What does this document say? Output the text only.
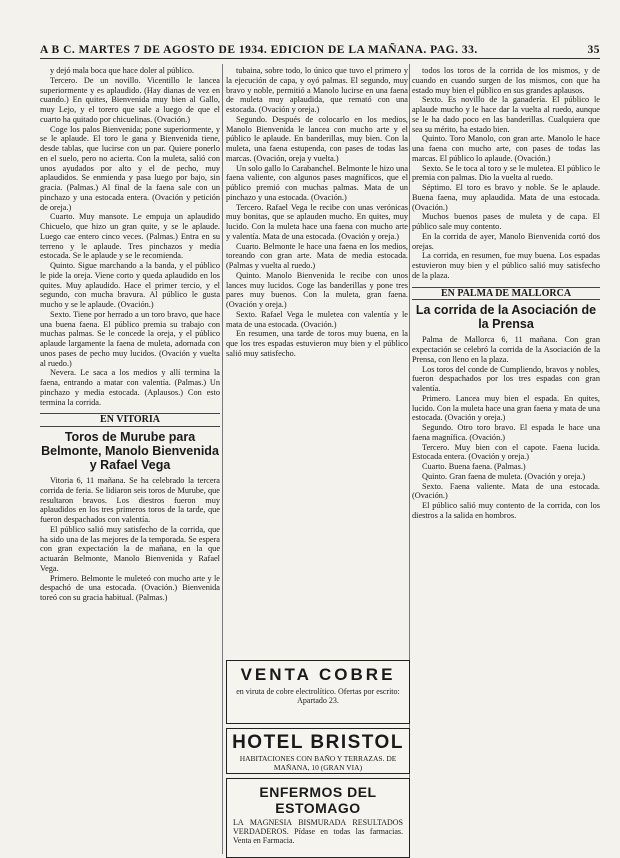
A B C. MARTES 7 DE AGOSTO DE 1934. EDICION DE LA MAÑANA. PAG. 33.	35

y dejó mala boca que hace doler al público.

Tercero. De un novillo. Vicentillo le lancea superiormente y es aplaudido. (Hay dianas de vez en cuando.) En quites, Bienvenida muy bien al Gallo, muy Lejo, y el torero que sale a luego de que el cuarto ha quitado por chicuelinas. (Ovación.)

Coge los palos Bienvenida; pone superiormente, y se le aplaude. El toro le gana y Bienvenida tiene, desde tablas, que lucirse con un par. Quiere ponerlo en el suelo, pero no acierta. Con la muleta, salió con unos ayudados por alto y el de pecho, muy aplaudidos. Se enmienda y pasa luego por bajo, sin gracia. (Palmas.) Al final de la faena sale con un pinchazo y una estocada entera. (Ovación y petición de oreja.)

Cuarto. Muy mansote. Le empuja un aplaudido Chicuelo, que hizo un gran quite, y se le aplaude. Luego cae entero cinco veces. (Palmas.) Entra en su terreno y le aplaude. Tres pinchazos y media estocada. Se le aplaude y se le recomienda.

Quinto. Sigue marchando a la banda, y el público le pide la oreja. Viene corto y queda aplaudido en los quites. Muy aplaudido. Hace el primer tercio, y el segundo, con mucha bravura. Al público le gusta mucho y se le aplaude. (Ovación.)

Sexto. Tiene por herrado a un toro bravo, que hace una buena faena. El público premia su trabajo con muchas palmas. Se le concede la oreja, y el público aplaude largamente la faena de muleta, adornada con unos pases de pecho muy lucidos. (Ovación y vuelta al ruedo.)

Nevera. Le saca a los medios y allí termina la faena, entrando a matar con valentía. (Palmas.) Un pinchazo y media estocada. (Aplausos.) Con esto termina la corrida.

EN VITORIA
Toros de Murube para Belmonte, Manolo Bienvenida y Rafael Vega

Vitoria 6, 11 mañana. Se ha celebrado la tercera corrida de feria. Se lidiaron seis toros de Murube, que resultaron bravos. Los diestros fueron muy aplaudidos en los tres primeros toros de la tarde, que fueron despachados con valentía.

El público salió muy satisfecho de la corrida, que ha sido una de las mejores de la temporada. Se espera con gran expectación la de mañana, en la que actuarán Belmonte, Manolo Bienvenida y Rafael Vega.

Primero. Belmonte le muleteó con mucho arte y le despachó de una estocada. (Ovación.) Bienvenida toreó con su gracia habitual. (Palmas.)

tubaina, sobre todo, lo único que tuvo el primero y la ejecución de capa, y oyó palmas. El segundo, muy bravo y noble, permitió a Manolo lucirse en una faena de muleta muy aplaudida, que remató con una estocada. (Ovación y oreja.)

Segundo. Después de colocarlo en los medios, Manolo Bienvenida le lancea con mucho arte y el público le aplaude. En banderillas, muy bien. Con la muleta, una faena estupenda, con pases de todas las marcas. (Ovación, oreja y vuelta.)

Un solo gallo lo Carabanchel. Belmonte le hizo una faena valiente, con algunos pases magníficos, que el público premió con muchas palmas. Mata de un pinchazo y una estocada. (Ovación.)

Tercero. Rafael Vega le recibe con unas verónicas muy bonitas, que se aplauden mucho. En quites, muy lucido. Con la muleta hace una faena con mucho arte y valentía. Mata de una estocada. (Ovación y oreja.)

Cuarto. Belmonte le hace una faena en los medios, toreando con gran arte. Mata de media estocada. (Palmas y vuelta al ruedo.)

Quinto. Manolo Bienvenida le recibe con unos lances muy lucidos. Coge las banderillas y pone tres pares muy buenos. Con la muleta, gran faena. (Ovación y oreja.)

Sexto. Rafael Vega le muletea con valentía y le mata de una estocada. (Ovación.)

En resumen, una tarde de toros muy buena, en la que los tres espadas estuvieron muy bien y el público salió muy satisfecho.

VENTA COBRE
en viruta de cobre electrolítico. Ofertas por escrito: Apartado 23.
HOTEL BRISTOL
HABITACIONES CON BAÑO Y TERRAZAS. DE MAÑANA, 10 (GRAN VIA)
ENFERMOS DEL ESTOMAGO
LA MAGNESIA BISMURADA RESULTADOS VERDADEROS. Pídase en todas las farmacias. Venta en Farmacia.

todos los toros de la corrida de los mismos, y de cuando en cuando surgen de los mismos, con que ha estado muy bien el público en sus grandes aplausos.

Sexto. Es novillo de la ganadería. El público le aplaude mucho y le hace dar la vuelta al ruedo, aunque se le ha dado poco en las banderillas. Cualquiera que sea su mérito, ha estado bien.

Quinto. Toro Manolo, con gran arte. Manolo le hace una faena con mucho arte, con pases de todas las marcas. El público lo aplaude. (Ovación.)

Sexto. Se le toca al toro y se le muletea. El público le premia con palmas. Dio la vuelta al ruedo.

Séptimo. El toro es bravo y noble. Se le aplaude. Buena faena, muy aplaudida. Mata de una estocada. (Ovación.)

Muchos buenos pases de muleta y de capa. El público sale muy contento.

En la corrida de ayer, Manolo Bienvenida cortó dos orejas.

La corrida, en resumen, fue muy buena. Los espadas estuvieron muy bien y el público salió muy satisfecho de la plaza.

EN PALMA DE MALLORCA
La corrida de la Asociación de la Prensa

Palma de Mallorca 6, 11 mañana. Con gran expectación se celebró la corrida de la Asociación de la Prensa, con lleno en la plaza.

Los toros del conde de Cumpliendo, bravos y nobles, fueron despachados por los tres espadas con gran valentía.

Primero. Lancea muy bien el espada. En quites, lucido. Con la muleta hace una gran faena y mata de una estocada. (Ovación y oreja.)

Segundo. Otro toro bravo. El espada le hace una faena magnífica. (Ovación.)

Tercero. Muy bien con el capote. Faena lucida. Estocada entera. (Ovación y oreja.)

Cuarto. Buena faena. (Palmas.)

Quinto. Gran faena de muleta. (Ovación y oreja.)

Sexto. Faena valiente. Mata de una estocada. (Ovación.)

El público salió muy contento de la corrida, con los diestros a la salida en hombros.
